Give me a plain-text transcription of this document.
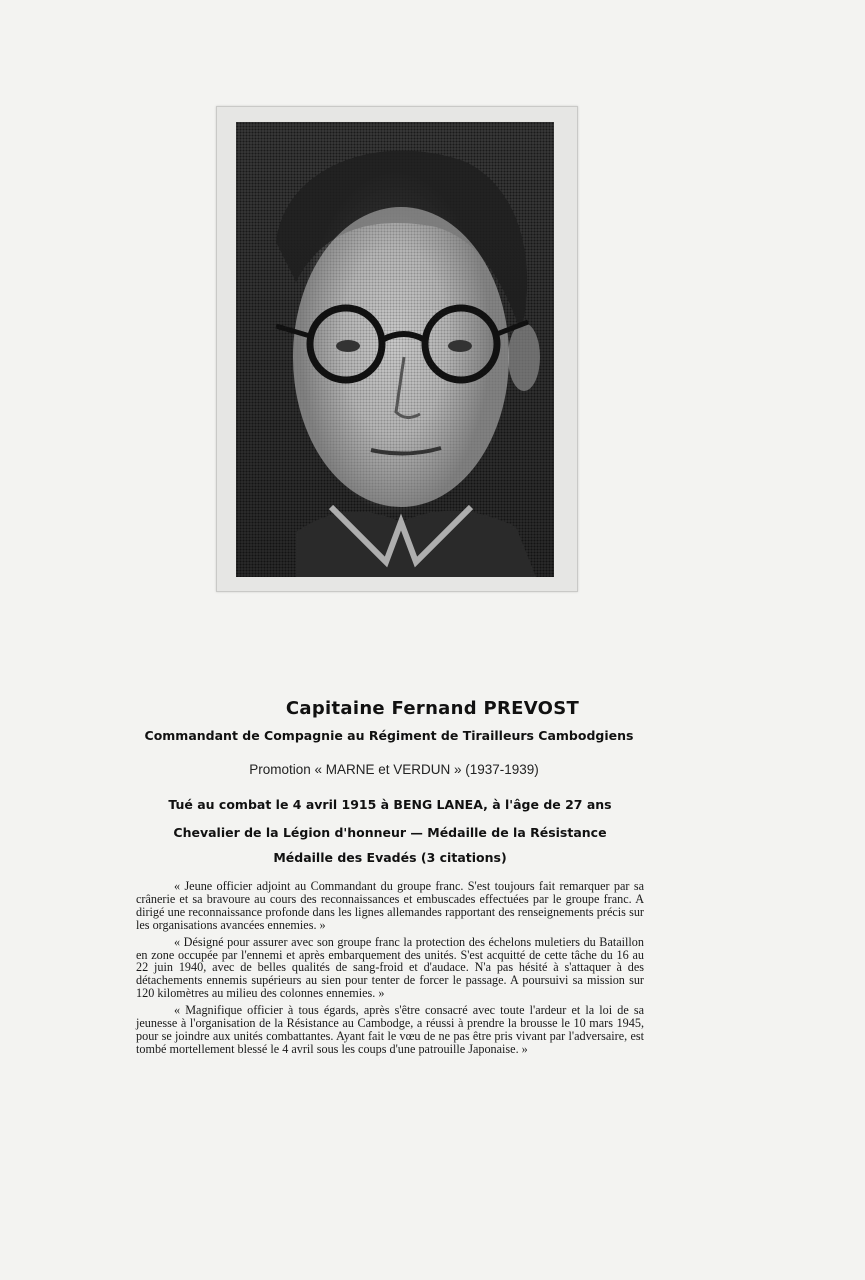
Capitaine Fernand PREVOST
Commandant de Compagnie au Régiment de Tirailleurs Cambodgiens
Promotion « MARNE et VERDUN » (1937-1939)
Tué au combat le 4 avril 1915 à BENG LANEA, à l'âge de 27 ans
Chevalier de la Légion d'honneur — Médaille de la Résistance
Médaille des Evadés (3 citations)

« Jeune officier adjoint au Commandant du groupe franc. S'est toujours fait remarquer par sa crânerie et sa bravoure au cours des reconnaissances et embuscades effectuées par le groupe franc. A dirigé une reconnaissance profonde dans les lignes allemandes rapportant des renseignements précis sur les organisations avancées ennemies. »

« Désigné pour assurer avec son groupe franc la protection des échelons muletiers du Bataillon en zone occupée par l'ennemi et après embarquement des unités. S'est acquitté de cette tâche du 16 au 22 juin 1940, avec de belles qualités de sang-froid et d'audace. N'a pas hésité à s'attaquer à des détachements ennemis supérieurs au sien pour tenter de forcer le passage. A poursuivi sa mission sur 120 kilomètres au milieu des colonnes ennemies. »

« Magnifique officier à tous égards, après s'être consacré avec toute l'ardeur et la loi de sa jeunesse à l'organisation de la Résistance au Cambodge, a réussi à prendre la brousse le 10 mars 1945, pour se joindre aux unités combattantes. Ayant fait le vœu de ne pas être pris vivant par l'adversaire, est tombé mortellement blessé le 4 avril sous les coups d'une patrouille Japonaise. »
